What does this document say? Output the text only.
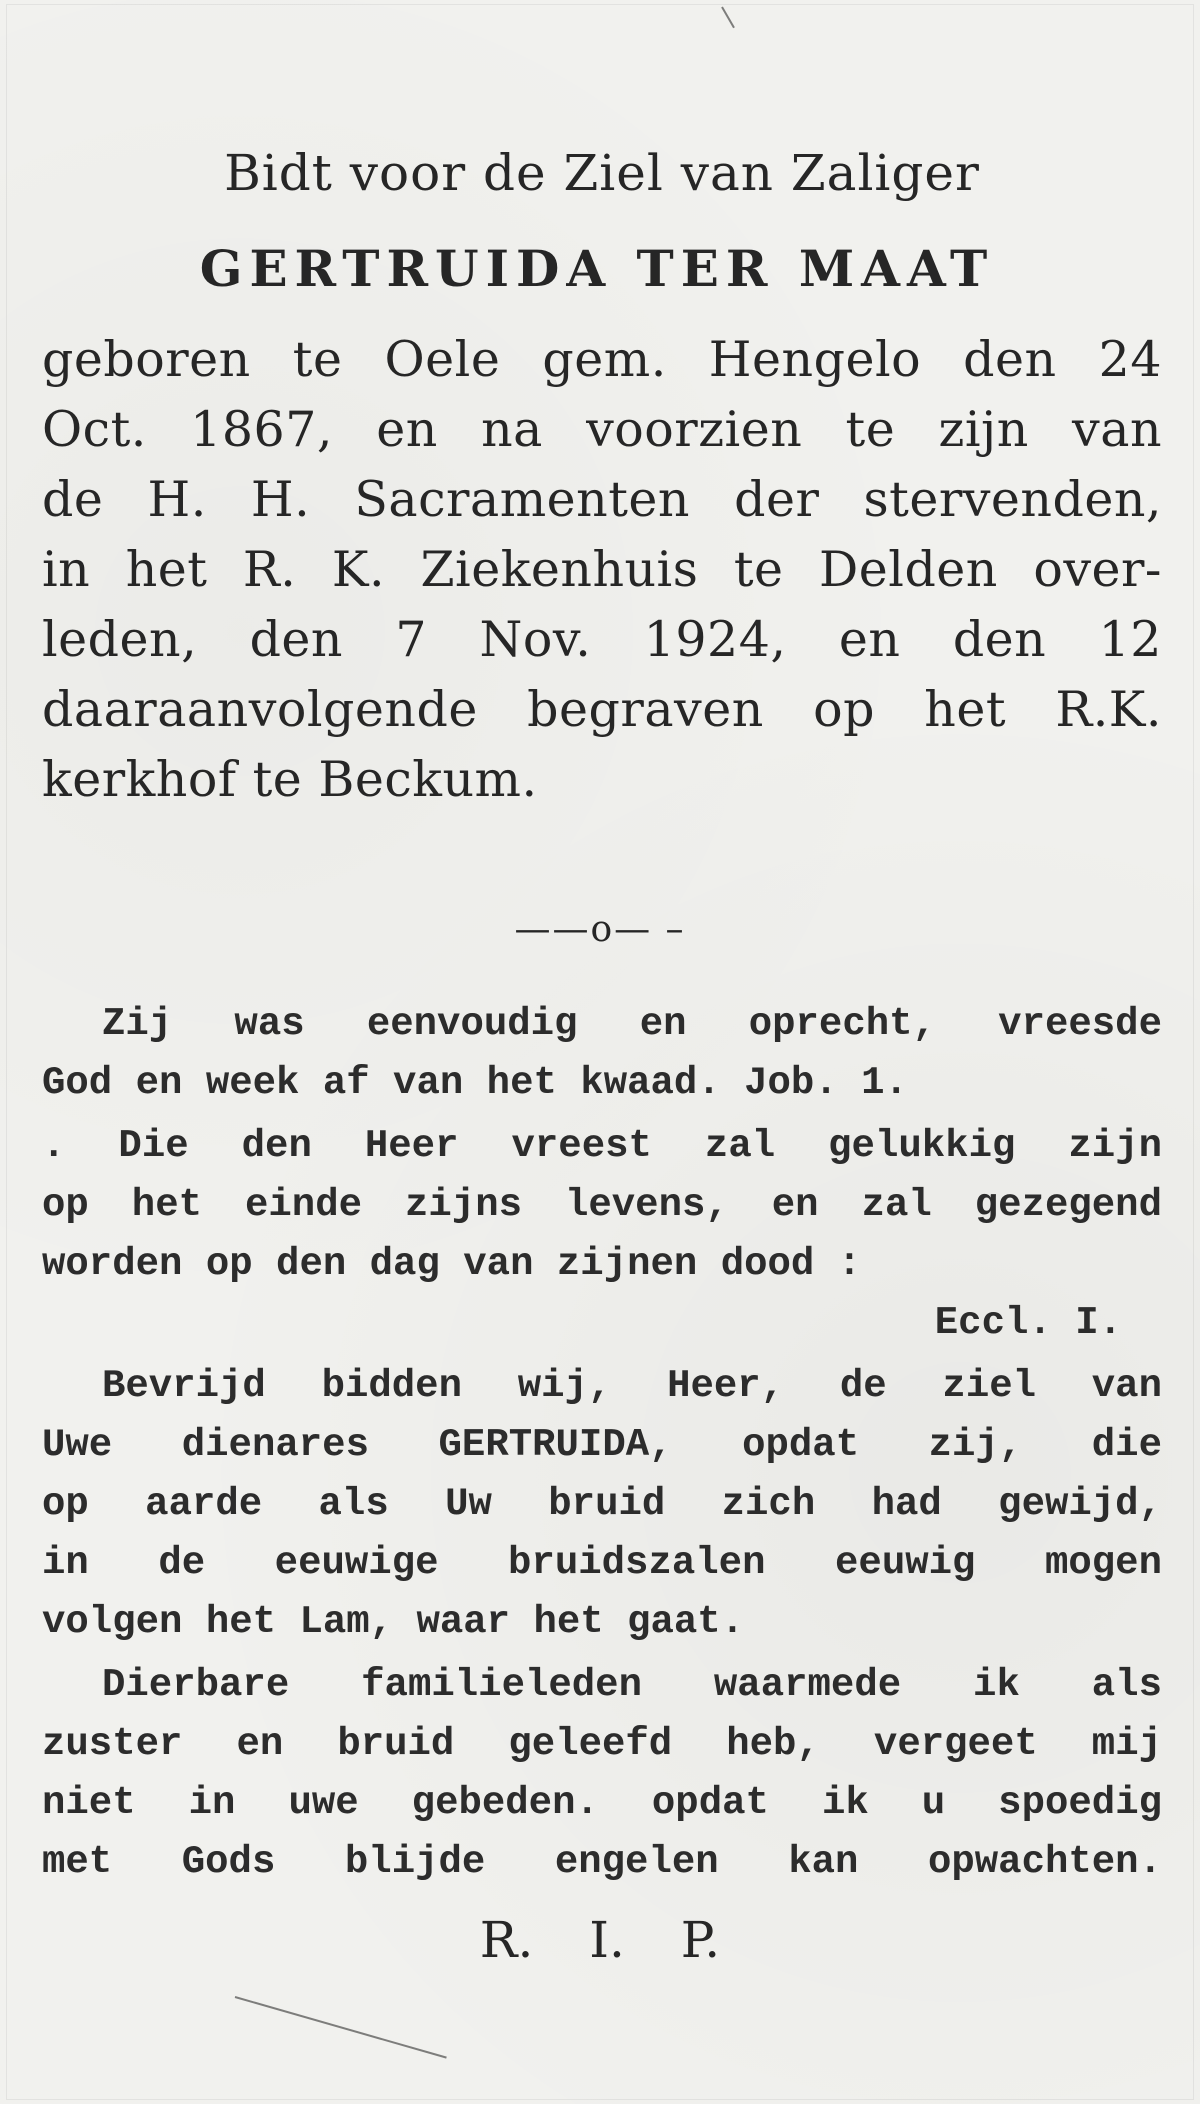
Bidt voor de Ziel van Zaliger
GERTRUIDA TER MAAT
geboren te Oele gem. Hengelo den 24
Oct. 1867, en na voorzien te zijn van
de H. H. Sacramenten der stervenden,
in het R. K. Ziekenhuis te Delden over-
leden, den 7 Nov. 1924, en den 12
daaraanvolgende begraven op het R.K.
kerkhof te Beckum.
——o— –
Zij was eenvoudig en oprecht, vreesde
God en week af van het kwaad. Job. 1.
. Die den Heer vreest zal gelukkig zijn
op het einde zijns levens, en zal gezegend
worden op den dag van zijnen dood :
Eccl. I.
Bevrijd bidden wij, Heer, de ziel van
Uwe dienares GERTRUIDA, opdat zij, die
op aarde als Uw bruid zich had gewijd,
in de eeuwige bruidszalen eeuwig mogen
volgen het Lam, waar het gaat.
Dierbare familieleden waarmede ik als
zuster en bruid geleefd heb, vergeet mij
niet in uwe gebeden. opdat ik u spoedig
met Gods blijde engelen kan opwachten.
R. I. P.
